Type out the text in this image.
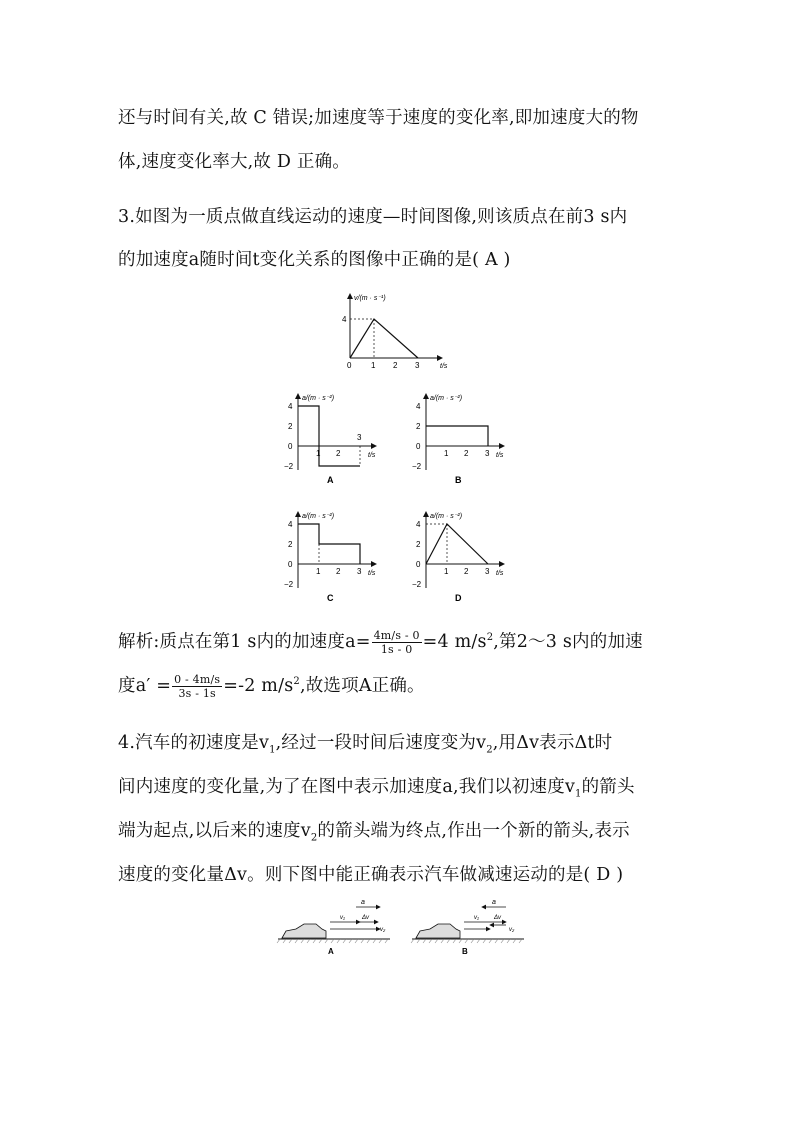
还与时间有关,故 C 错误;加速度等于速度的变化率,即加速度大的物
体,速度变化率大,故 D 正确。
3.如图为一质点做直线运动的速度—时间图像,则该质点在前3 s内
的加速度a随时间t变化关系的图像中正确的是( A )
v/(m · s⁻¹)
t/s
4
0 1 2 3
a/(m · s⁻²)
t/s
4
2
0
−2
1 2
3
A
a/(m · s⁻²)
t/s
4
2
0
−2
1 2 3
B
a/(m · s⁻²)
t/s
4
2
0
−2
1 2 3
C
a/(m · s⁻²)
t/s
4
2
0
−2
1 2 3
D
解析:质点在第1 s内的加速度$a= \frac{4m/s - 0}{1s - 0} =4$ $m/s^2$,第2～3 s内的加速
度$a' = \frac{0 - 4m/s}{3s - 1s} =-2$ $m/s^2$,故选项A正确。
4.汽车的初速度是$v_1$,经过一段时间后速度变为$v_2$,用Δv表示Δt时
间内速度的变化量,为了在图中表示加速度a,我们以初速度$v_1$的箭头
端为起点,以后来的速度$v_2$的箭头端为终点,作出一个新的箭头,表示
速度的变化量Δv。则下图中能正确表示汽车做减速运动的是( D )
a
v₁	Δv
v₂
A
a
v₁	Δv
v₂
B
